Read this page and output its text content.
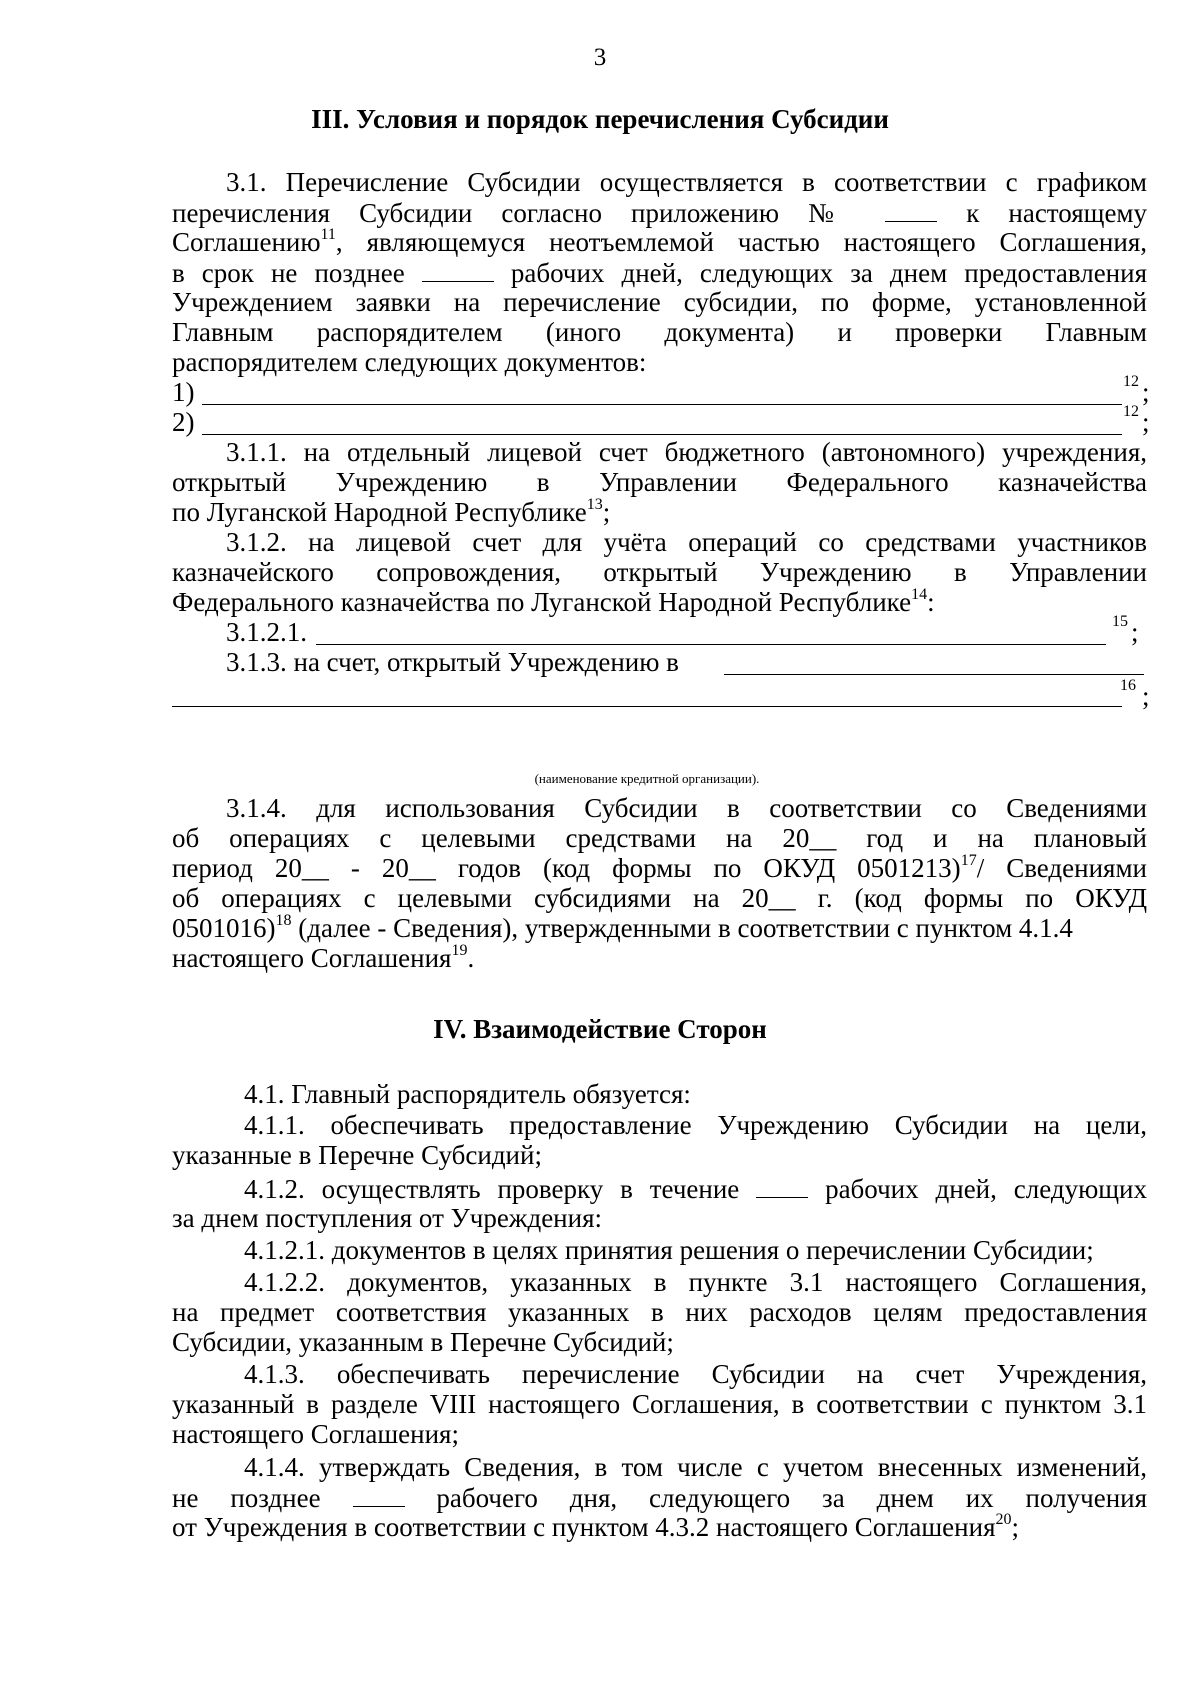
3
III. Условия и порядок перечисления Субсидии
3.1. Перечисление Субсидии осуществляется в соответствии с графиком
перечисления Субсидии согласно приложению №	к настоящему
Соглашению$^{11}$, являющемуся неотъемлемой частью настоящего Соглашения,
в срок не позднее	рабочих дней, следующих за днем предоставления
Учреждением заявки на перечисление субсидии, по форме, установленной
Главным распорядителем (иного документа) и проверки Главным
распорядителем следующих документов:
1)	12 ;
2)	12 ;
3.1.1. на отдельный лицевой счет бюджетного (автономного) учреждения,
открытый Учреждению в Управлении Федерального казначейства
по Луганской Народной Республике$^{13}$;
3.1.2. на лицевой счет для учёта операций со средствами участников
казначейского сопровождения, открытый Учреждению в Управлении
Федерального казначейства по Луганской Народной Республике$^{14}$:
3.1.2.1.	15 ;
3.1.3. на счет, открытый Учреждению в
16 ;
(наименование кредитной организации).
3.1.4. для использования Субсидии в соответствии со Сведениями
об операциях с целевыми средствами на 20__ год и на плановый
период 20__ - 20__ годов (код формы по ОКУД 0501213)$^{17}$/ Сведениями
об операциях с целевыми субсидиями на 20__ г. (код формы по ОКУД
0501016)$^{18}$ (далее - Сведения), утвержденными в соответствии с пунктом 4.1.4
настоящего Соглашения$^{19}$.
IV. Взаимодействие Сторон
4.1. Главный распорядитель обязуется:
4.1.1. обеспечивать предоставление Учреждению Субсидии на цели,
указанные в Перечне Субсидий;
4.1.2. осуществлять проверку в течение	рабочих дней, следующих
за днем поступления от Учреждения:
4.1.2.1. документов в целях принятия решения о перечислении Субсидии;
4.1.2.2. документов, указанных в пункте 3.1 настоящего Соглашения,
на предмет соответствия указанных в них расходов целям предоставления
Субсидии, указанным в Перечне Субсидий;
4.1.3. обеспечивать перечисление Субсидии на счет Учреждения,
указанный в разделе VIII настоящего Соглашения, в соответствии с пунктом 3.1
настоящего Соглашения;
4.1.4. утверждать Сведения, в том числе с учетом внесенных изменений,
не позднее	рабочего дня, следующего за днем их получения
от Учреждения в соответствии с пунктом 4.3.2 настоящего Соглашения$^{20}$;
